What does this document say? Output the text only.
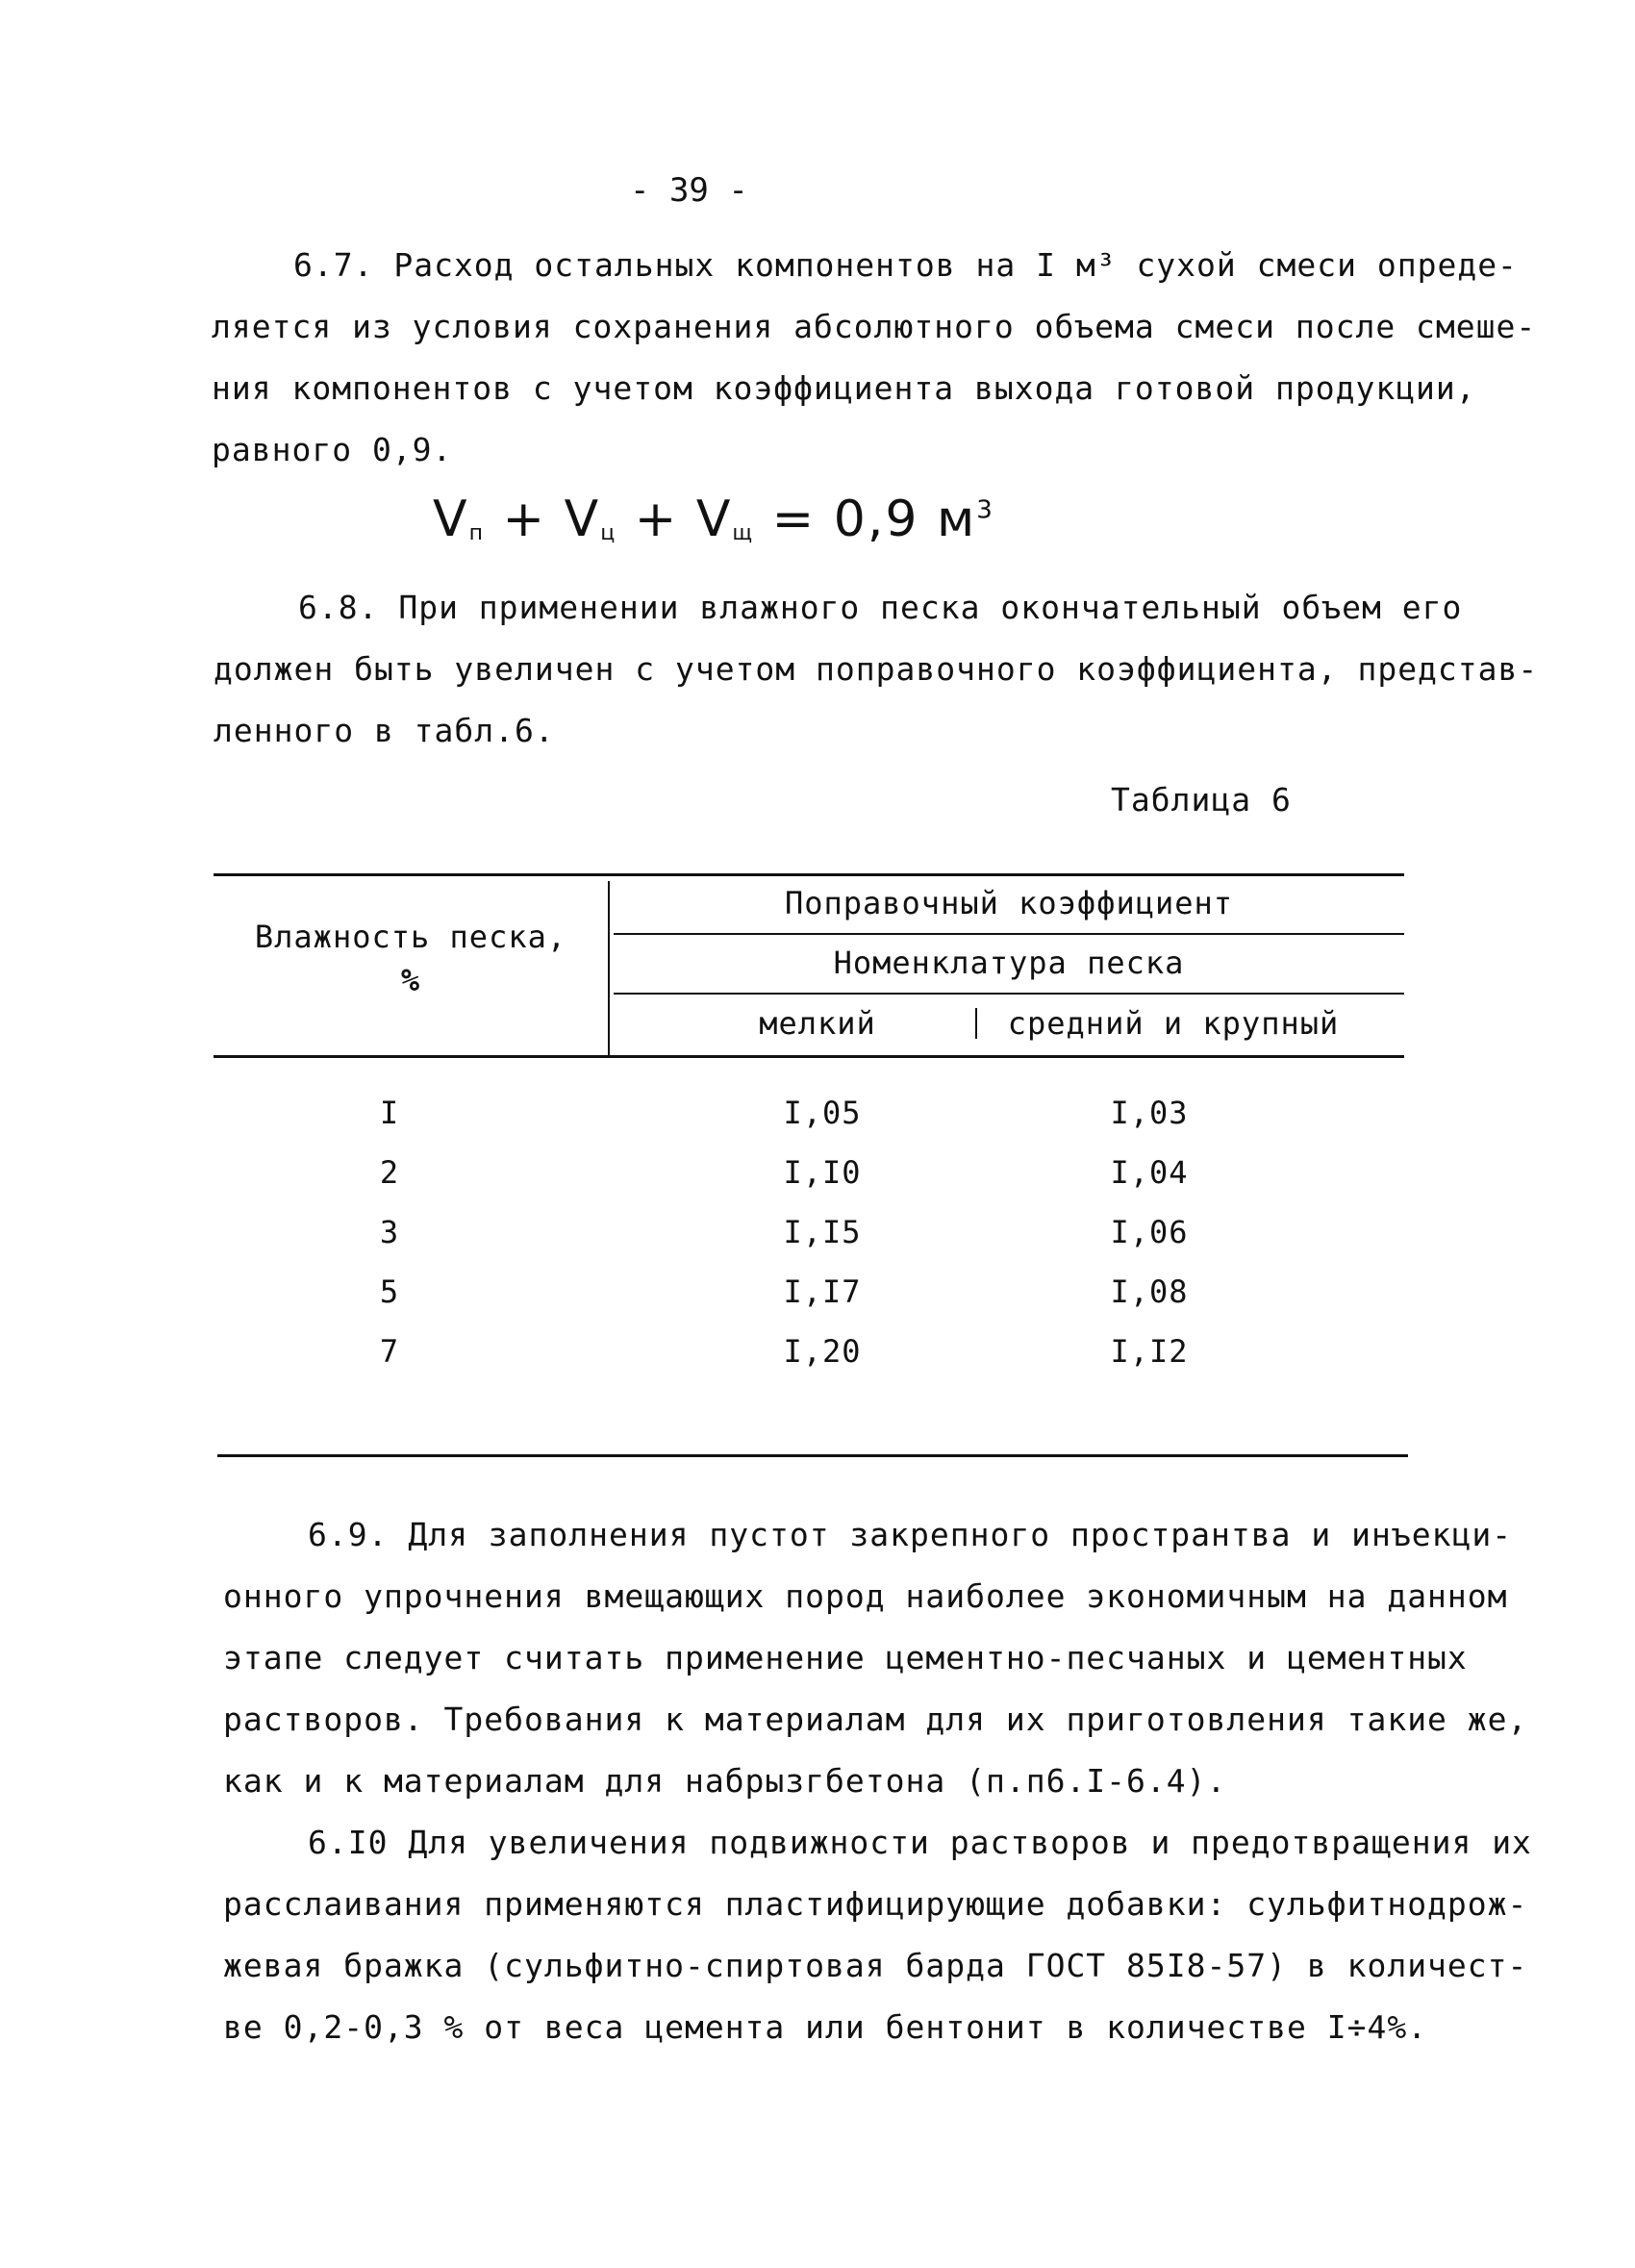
- 39 -
6.7. Расход остальных компонентов на I м³ сухой смеси опреде-
ляется из условия сохранения абсолютного объема смеси после смеше-
ния компонентов с учетом коэффициента выхода готовой продукции,
равного 0,9.
$V_п + V_ц + V_щ = 0,9$ $м^3$
6.8. При применении влажного песка окончательный объем его
должен быть увеличен с учетом поправочного коэффициента, представ-
ленного в табл.6.
Таблица 6
Влажность песка,
%
Поправочный коэффициент
Номенклатура песка
мелкий	средний и крупный
I	I,05	I,03
2	I,I0	I,04
3	I,I5	I,06
5	I,I7	I,08
7	I,20	I,I2
6.9. Для заполнения пустот закрепного пространтва и инъекци-
онного упрочнения вмещающих пород наиболее экономичным на данном
этапе следует считать применение цементно-песчаных и цементных
растворов. Требования к материалам для их приготовления такие же,
как и к материалам для набрызгбетона (п.п6.I-6.4).
6.I0 Для увеличения подвижности растворов и предотвращения их
расслаивания применяются пластифицирующие добавки: сульфитнодрож-
жевая бражка (сульфитно-спиртовая барда ГОСТ 85I8-57) в количест-
ве 0,2-0,3 % от веса цемента или бентонит в количестве I÷4%.
